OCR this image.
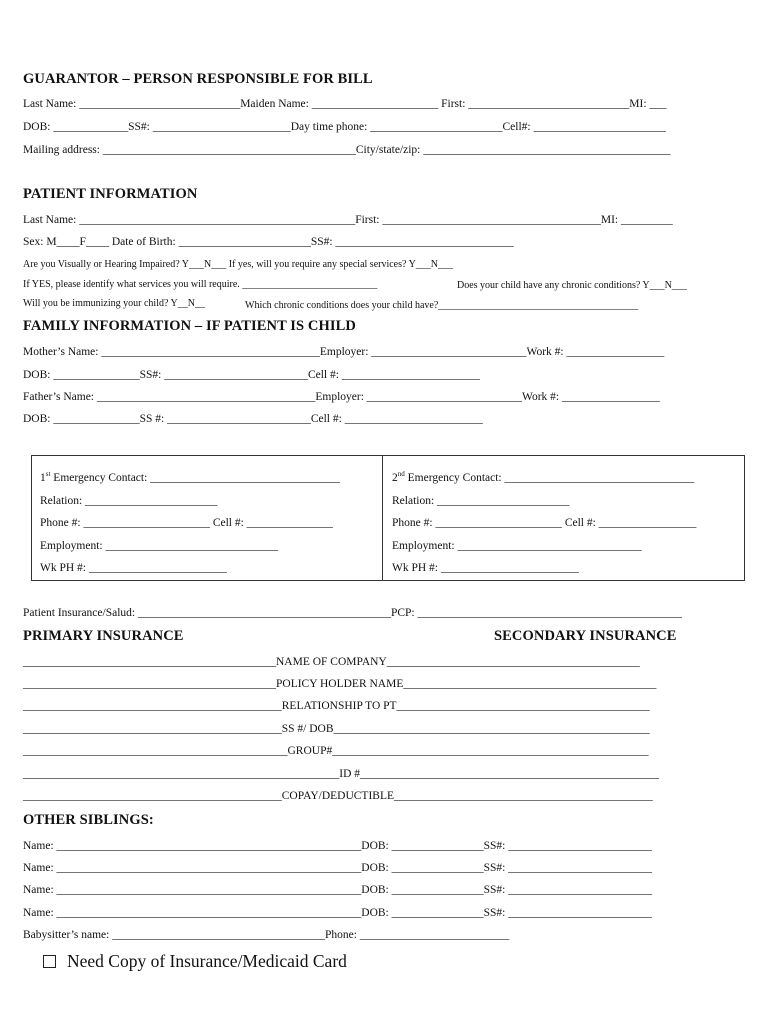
GUARANTOR – PERSON RESPONSIBLE FOR BILL
Last Name: ____________________________Maiden Name: ______________________ First: ____________________________MI: ___
DOB: _____________SS#: ________________________Day time phone: _______________________Cell#: _______________________
Mailing address: ____________________________________________City/state/zip: ___________________________________________
PATIENT INFORMATION
Last Name: ________________________________________________First: ______________________________________MI: _________
Sex: M____F____ Date of Birth: _______________________SS#: _______________________________
Are you Visually or Hearing Impaired? Y___N___ If yes, will you require any special services? Y___N___
If YES, please identify what services you will require. ___________________________	Does your child have any chronic conditions? Y___N___
Will you be immunizing your child? Y__N__	Which chronic conditions does your child have?________________________________________
FAMILY INFORMATION – IF PATIENT IS CHILD
Mother’s Name: ______________________________________Employer: ___________________________Work #: _________________
DOB: _______________SS#: _________________________Cell #: ________________________
Father’s Name: ______________________________________Employer: ___________________________Work #: _________________
DOB: _______________SS #: _________________________Cell #: ________________________
1st Emergency Contact: _________________________________
Relation: _______________________
Phone #: ______________________ Cell #: _______________
Employment: ______________________________
Wk PH #: ________________________
2nd Emergency Contact: _________________________________
Relation: _______________________
Phone #: ______________________ Cell #: _________________
Employment: ________________________________
Wk PH #: ________________________
Patient Insurance/Salud: ____________________________________________PCP: ______________________________________________
PRIMARY INSURANCE	SECONDARY INSURANCE
____________________________________________NAME OF COMPANY____________________________________________
____________________________________________POLICY HOLDER NAME____________________________________________
_____________________________________________RELATIONSHIP TO PT____________________________________________
_____________________________________________SS #/ DOB_______________________________________________________
______________________________________________GROUP#_______________________________________________________
_______________________________________________________ID #____________________________________________________
_____________________________________________COPAY/DEDUCTIBLE_____________________________________________
OTHER SIBLINGS:
Name: _____________________________________________________DOB: ________________SS#: _________________________
Name: _____________________________________________________DOB: ________________SS#: _________________________
Name: _____________________________________________________DOB: ________________SS#: _________________________
Name: _____________________________________________________DOB: ________________SS#: _________________________
Babysitter’s name: _____________________________________Phone: __________________________
Need Copy of Insurance/Medicaid Card
